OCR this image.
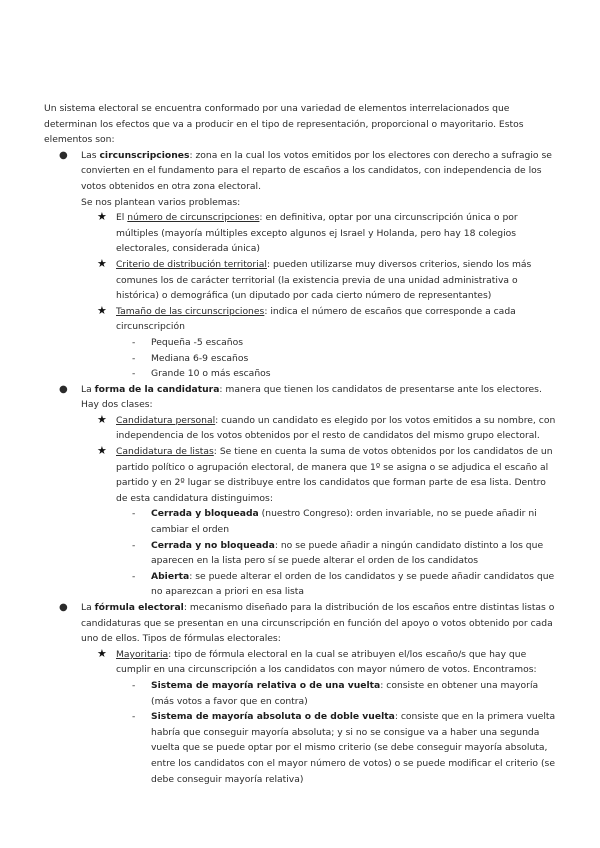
Un sistema electoral se encuentra conformado por una variedad de elementos interrelacionados que determinan los efectos que va a producir en el tipo de representación, proporcional o mayoritario. Estos elementos son:

● Las circunscripciones: zona en la cual los votos emitidos por los electores con derecho a sufragio se convierten en el fundamento para el reparto de escaños a los candidatos, con independencia de los votos obtenidos en otra zona electoral.

Se nos plantean varios problemas:

★ El número de circunscripciones: en definitiva, optar por una circunscripción única o por múltiples (mayoría múltiples excepto algunos ej Israel y Holanda, pero hay 18 colegios electorales, considerada única)
★ Criterio de distribución territorial: pueden utilizarse muy diversos criterios, siendo los más comunes los de carácter territorial (la existencia previa de una unidad administrativa o histórica) o demográfica (un diputado por cada cierto número de representantes)
★ Tamaño de las circunscripciones: indica el número de escaños que corresponde a cada circunscripción
- Pequeña -5 escaños
- Mediana 6-9 escaños
- Grande 10 o más escaños
● La forma de la candidatura: manera que tienen los candidatos de presentarse ante los electores. Hay dos clases:
★ Candidatura personal: cuando un candidato es elegido por los votos emitidos a su nombre, con independencia de los votos obtenidos por el resto de candidatos del mismo grupo electoral.
★ Candidatura de listas: Se tiene en cuenta la suma de votos obtenidos por los candidatos de un partido político o agrupación electoral, de manera que 1º se asigna o se adjudica el escaño al partido y en 2º lugar se distribuye entre los candidatos que forman parte de esa lista. Dentro de esta candidatura distinguimos:
- Cerrada y bloqueada (nuestro Congreso): orden invariable, no se puede añadir ni cambiar el orden
- Cerrada y no bloqueada: no se puede añadir a ningún candidato distinto a los que aparecen en la lista pero sí se puede alterar el orden de los candidatos
- Abierta: se puede alterar el orden de los candidatos y se puede añadir candidatos que no aparezcan a priori en esa lista
● La fórmula electoral: mecanismo diseñado para la distribución de los escaños entre distintas listas o candidaturas que se presentan en una circunscripción en función del apoyo o votos obtenido por cada uno de ellos. Tipos de fórmulas electorales:
★ Mayoritaria: tipo de fórmula electoral en la cual se atribuyen el/los escaño/s que hay que cumplir en una circunscripción a los candidatos con mayor número de votos. Encontramos:
- Sistema de mayoría relativa o de una vuelta: consiste en obtener una mayoría (más votos a favor que en contra)
- Sistema de mayoría absoluta o de doble vuelta: consiste que en la primera vuelta habría que conseguir mayoría absoluta; y si no se consigue va a haber una segunda vuelta que se puede optar por el mismo criterio (se debe conseguir mayoría absoluta, entre los candidatos con el mayor número de votos) o se puede modificar el criterio (se debe conseguir mayoría relativa)
